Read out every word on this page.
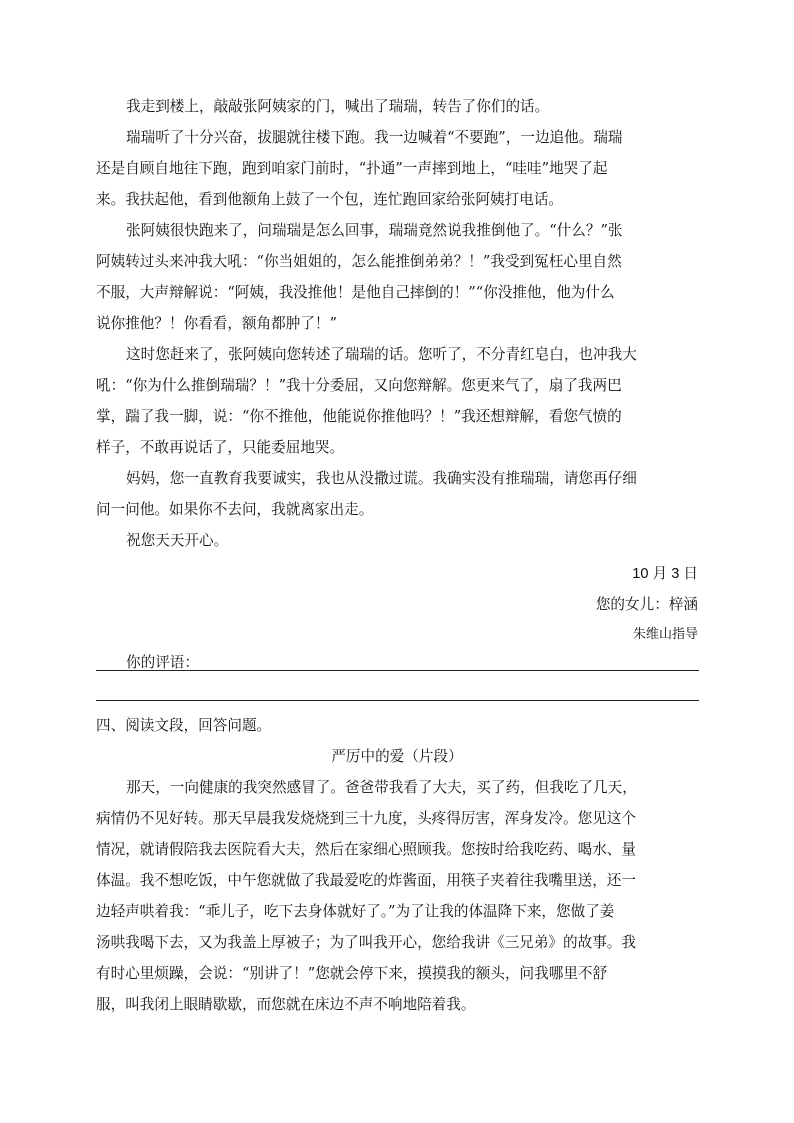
我走到楼上，敲敲张阿姨家的门，喊出了瑞瑞，转告了你们的话。
瑞瑞听了十分兴奋，拔腿就往楼下跑。我一边喊着“不要跑”，一边追他。瑞瑞
还是自顾自地往下跑，跑到咱家门前时，“扑通”一声摔到地上，“哇哇”地哭了起
来。我扶起他，看到他额角上鼓了一个包，连忙跑回家给张阿姨打电话。
张阿姨很快跑来了，问瑞瑞是怎么回事，瑞瑞竟然说我推倒他了。“什么？”张
阿姨转过头来冲我大吼：“你当姐姐的，怎么能推倒弟弟？！”我受到冤枉心里自然
不服，大声辩解说：“阿姨，我没推他！是他自己摔倒的！”“你没推他，他为什么
说你推他？！你看看，额角都肿了！”
这时您赶来了，张阿姨向您转述了瑞瑞的话。您听了，不分青红皂白，也冲我大
吼：“你为什么推倒瑞瑞？！”我十分委屈，又向您辩解。您更来气了，扇了我两巴
掌，踹了我一脚，说：“你不推他，他能说你推他吗？！”我还想辩解，看您气愤的
样子，不敢再说话了，只能委屈地哭。
妈妈，您一直教育我要诚实，我也从没撒过谎。我确实没有推瑞瑞，请您再仔细
问一问他。如果你不去问，我就离家出走。
祝您天天开心。
10 月 3 日
您的女儿：梓涵
朱维山指导
你的评语：
四、阅读文段，回答问题。
严厉中的爱（片段）
那天，一向健康的我突然感冒了。爸爸带我看了大夫，买了药，但我吃了几天，
病情仍不见好转。那天早晨我发烧烧到三十九度，头疼得厉害，浑身发冷。您见这个
情况，就请假陪我去医院看大夫，然后在家细心照顾我。您按时给我吃药、喝水、量
体温。我不想吃饭，中午您就做了我最爱吃的炸酱面，用筷子夹着往我嘴里送，还一
边轻声哄着我：“乖儿子，吃下去身体就好了。”为了让我的体温降下来，您做了姜
汤哄我喝下去，又为我盖上厚被子；为了叫我开心，您给我讲《三兄弟》的故事。我
有时心里烦躁，会说：“别讲了！”您就会停下来，摸摸我的额头，问我哪里不舒
服，叫我闭上眼睛歇歇，而您就在床边不声不响地陪着我。
